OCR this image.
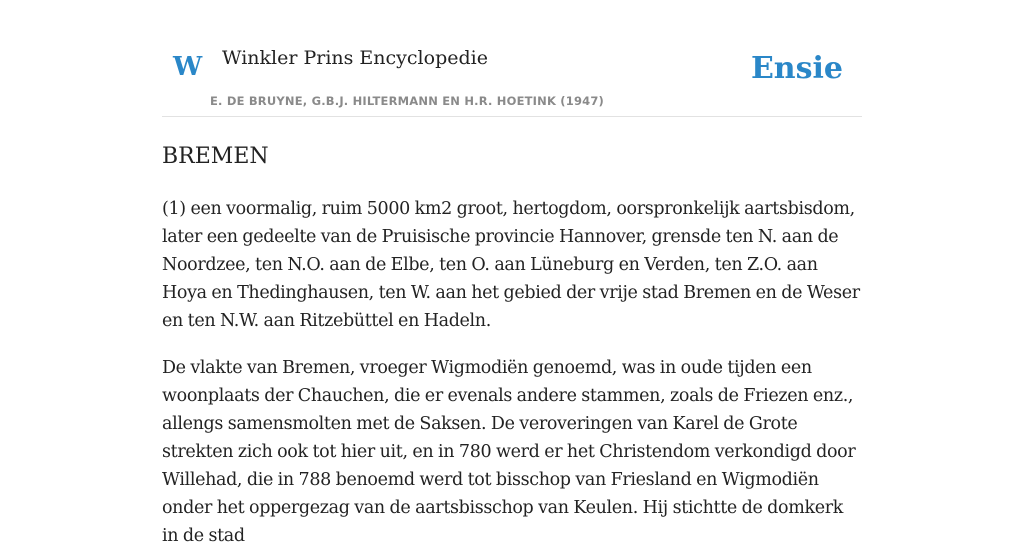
W Winkler Prins Encyclopedie
E. DE BRUYNE, G.B.J. HILTERMANN EN H.R. HOETINK (1947)
Ensie
BREMEN

(1) een voormalig, ruim 5000 km2 groot, hertogdom, oorspronkelijk aartsbisdom, later een gedeelte van de Pruisische provincie Hannover, grensde ten N. aan de Noordzee, ten N.O. aan de Elbe, ten O. aan Lüneburg en Verden, ten Z.O. aan Hoya en Thedinghausen, ten W. aan het gebied der vrije stad Bremen en de Weser en ten N.W. aan Ritzebüttel en Hadeln.

De vlakte van Bremen, vroeger Wigmodiën genoemd, was in oude tijden een woonplaats der Chauchen, die er evenals andere stammen, zoals de Friezen enz., allengs samensmolten met de Saksen. De veroveringen van Karel de Grote strekten zich ook tot hier uit, en in 780 werd er het Christendom verkondigd door Willehad, die in 788 benoemd werd tot bisschop van Friesland en Wigmodiën onder het oppergezag van de aartsbisschop van Keulen. Hij stichtte de domkerk in de stad
